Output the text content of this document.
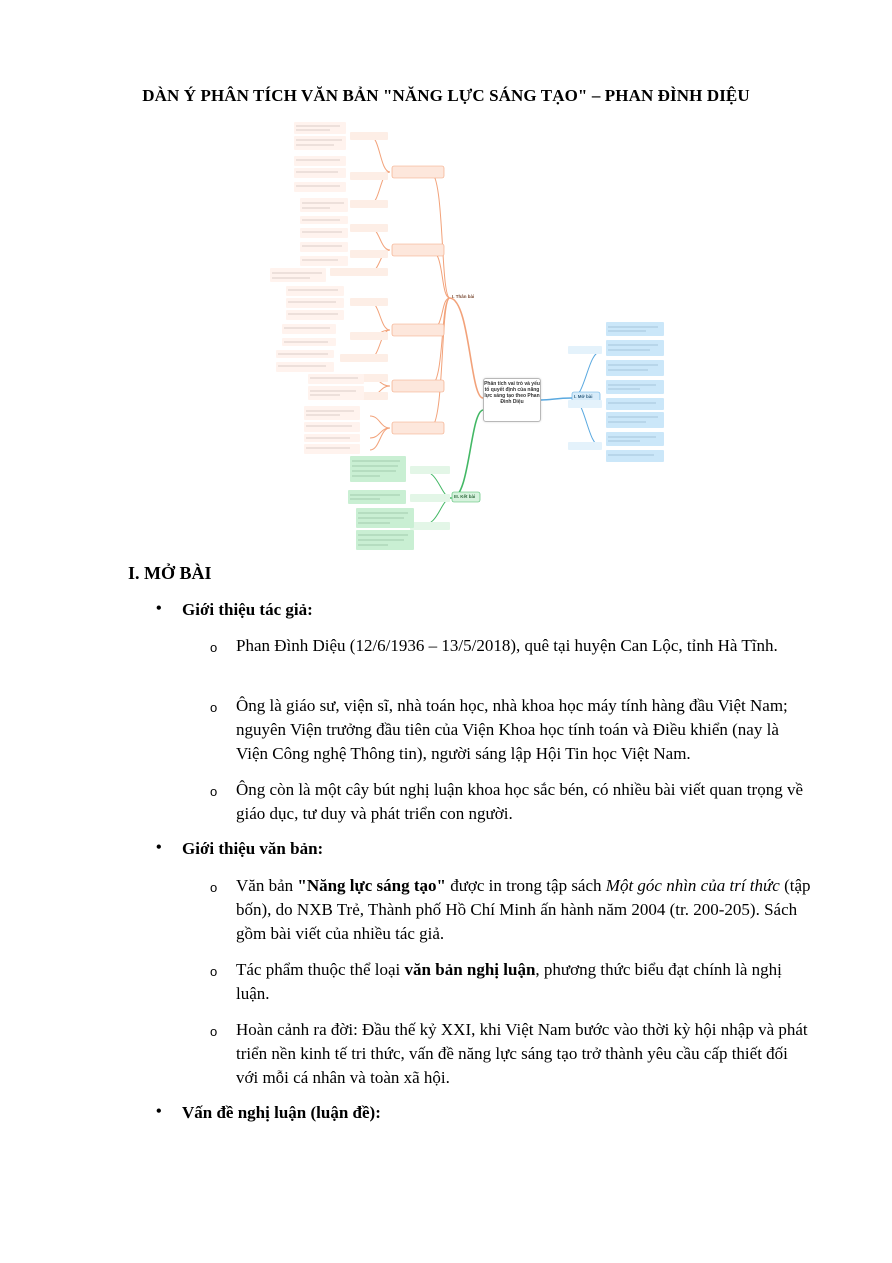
DÀN Ý PHÂN TÍCH VĂN BẢN "NĂNG LỰC SÁNG TẠO" – PHAN ĐÌNH DIỆU
Phân tích vai trò và yếu tố quyết định của năng lực sáng tạo theo Phan Đình Diệu
I. Thân bài
I. Mở bài
III. Kết bài
I. MỞ BÀI
• Giới thiệu tác giả:
o Phan Đình Diệu (12/6/1936 – 13/5/2018), quê tại huyện Can Lộc, tỉnh Hà Tĩnh.
o Ông là giáo sư, viện sĩ, nhà toán học, nhà khoa học máy tính hàng đầu Việt Nam; nguyên Viện trưởng đầu tiên của Viện Khoa học tính toán và Điều khiển (nay là Viện Công nghệ Thông tin), người sáng lập Hội Tin học Việt Nam.
o Ông còn là một cây bút nghị luận khoa học sắc bén, có nhiều bài viết quan trọng về giáo dục, tư duy và phát triển con người.
• Giới thiệu văn bản:
o Văn bản "Năng lực sáng tạo" được in trong tập sách Một góc nhìn của trí thức (tập bốn), do NXB Trẻ, Thành phố Hồ Chí Minh ấn hành năm 2004 (tr. 200-205). Sách gồm bài viết của nhiều tác giả.
o Tác phẩm thuộc thể loại văn bản nghị luận, phương thức biểu đạt chính là nghị luận.
o Hoàn cảnh ra đời: Đầu thế kỷ XXI, khi Việt Nam bước vào thời kỳ hội nhập và phát triển nền kinh tế tri thức, vấn đề năng lực sáng tạo trở thành yêu cầu cấp thiết đối với mỗi cá nhân và toàn xã hội.
• Vấn đề nghị luận (luận đề):
